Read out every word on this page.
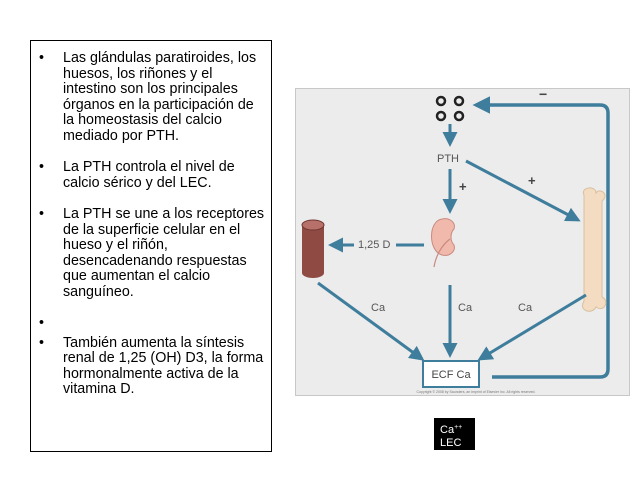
• Las glándulas paratiroides, los huesos, los riñones y el intestino son los principales órganos en la participación de la homeostasis del calcio mediado por PTH.
• La PTH controla el nivel de calcio sérico y del LEC.
• La PTH se une a los receptores de la superficie celular en el hueso y el riñón, desencadenando respuestas que aumentan el calcio sanguíneo.
•
• También aumenta la síntesis renal de 1,25 (OH) D3, la forma hormonalmente activa de la vitamina D.
−
PTH
+	+
1,25 D
Ca	Ca	Ca
ECF Ca
Copyright © 2008 by Saunders, an imprint of Elsevier Inc. All rights reserved.
Ca++
LEC
